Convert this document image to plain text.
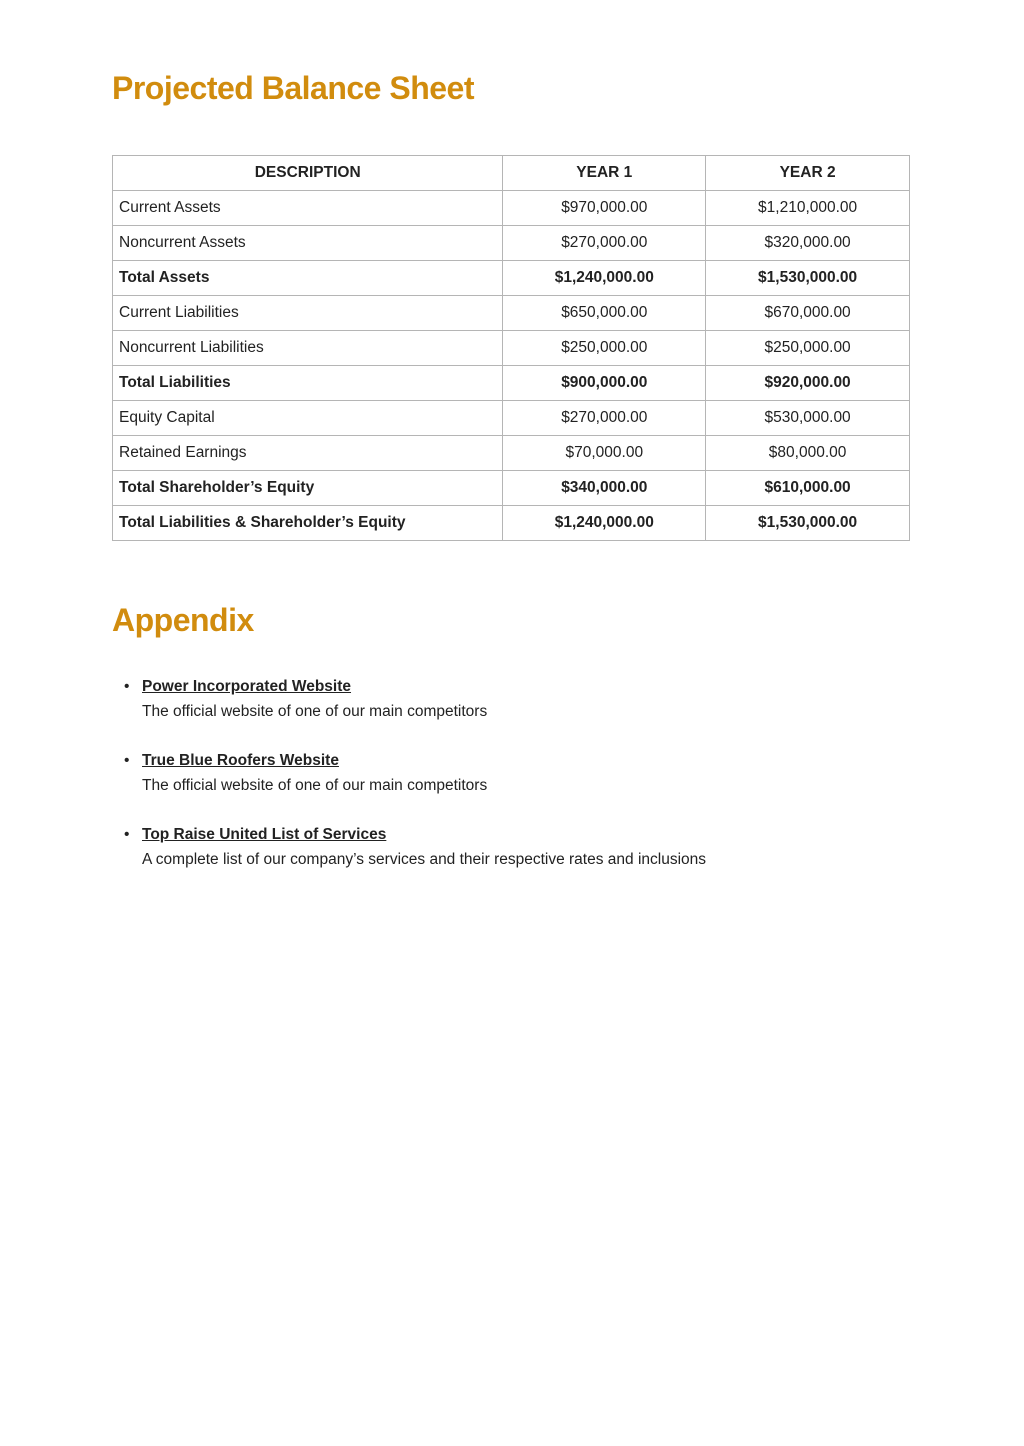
Projected Balance Sheet
DESCRIPTION	YEAR 1	YEAR 2
Current Assets	$970,000.00	$1,210,000.00
Noncurrent Assets	$270,000.00	$320,000.00
Total Assets	$1,240,000.00	$1,530,000.00
Current Liabilities	$650,000.00	$670,000.00
Noncurrent Liabilities	$250,000.00	$250,000.00
Total Liabilities	$900,000.00	$920,000.00
Equity Capital	$270,000.00	$530,000.00
Retained Earnings	$70,000.00	$80,000.00
Total Shareholder’s Equity	$340,000.00	$610,000.00
Total Liabilities & Shareholder’s Equity	$1,240,000.00	$1,530,000.00
Appendix
• Power Incorporated Website
The official website of one of our main competitors
• True Blue Roofers Website
The official website of one of our main competitors
• Top Raise United List of Services
A complete list of our company’s services and their respective rates and inclusions
